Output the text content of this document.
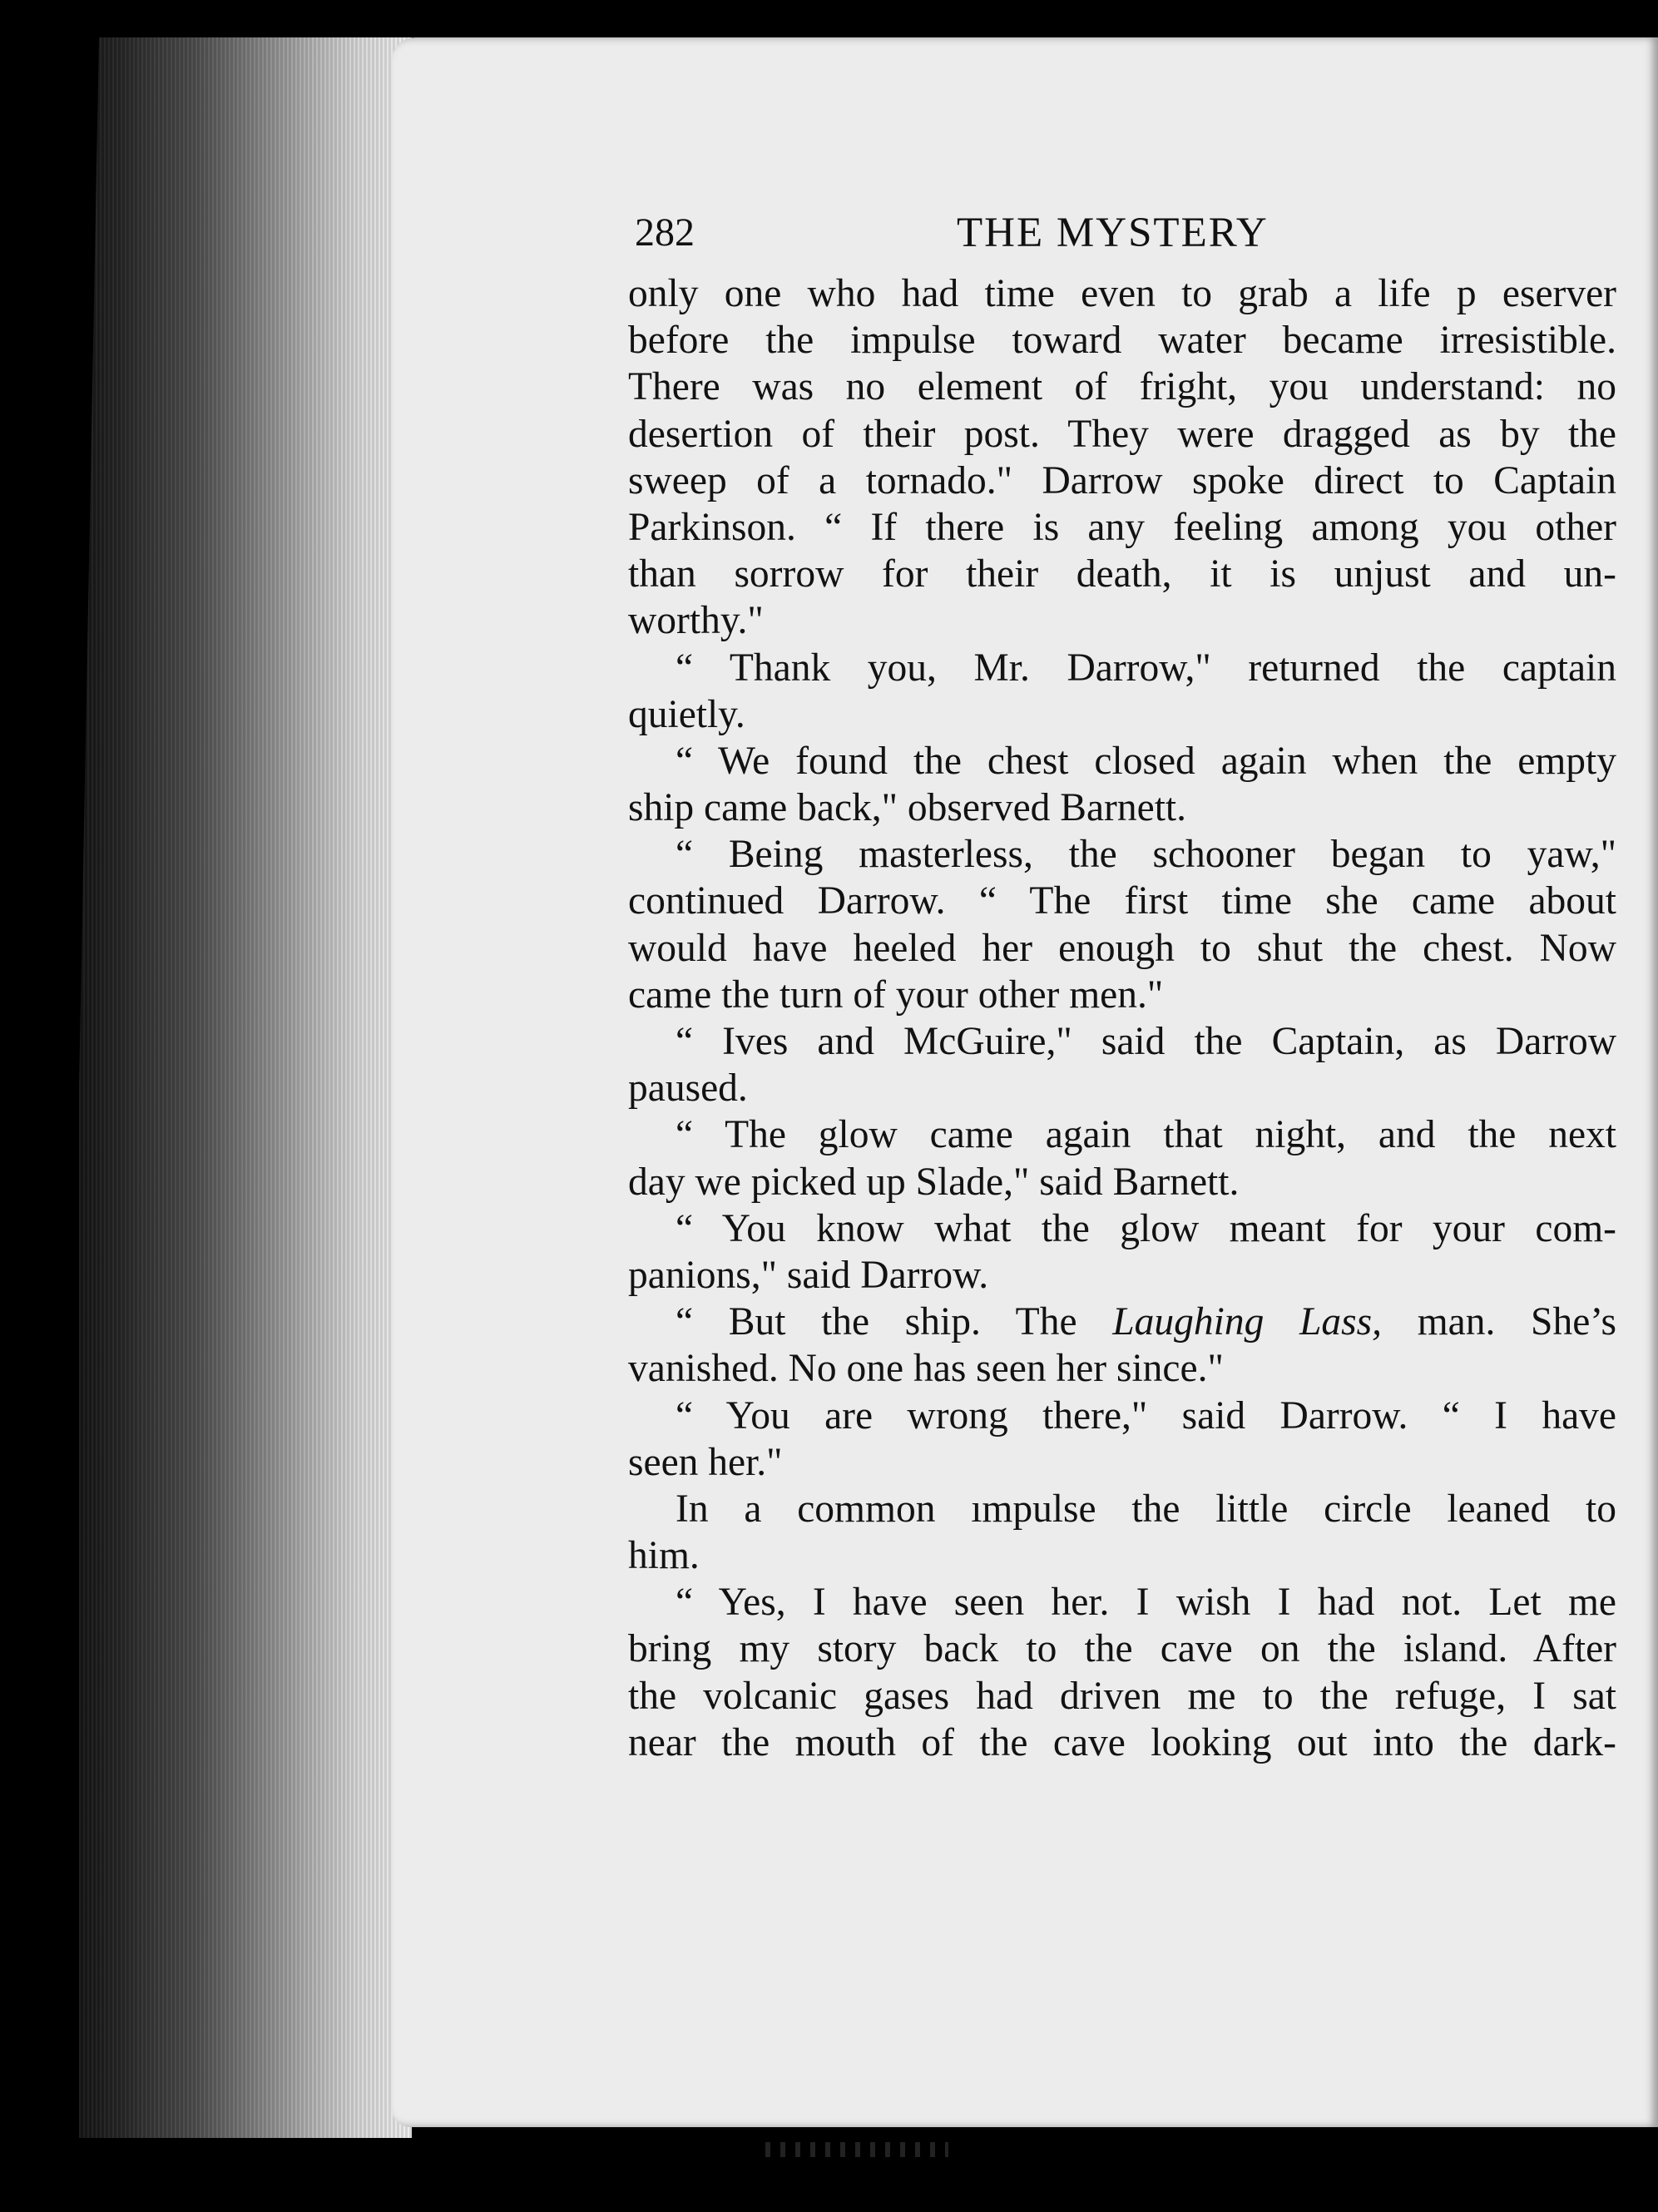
282	THE MYSTERY
only one who had time even to grab a life p eserver
before the impulse toward water became irresistible.
There was no element of fright, you understand: no
desertion of their post. They were dragged as by the
sweep of a tornado." Darrow spoke direct to Captain
Parkinson. “ If there is any feeling among you other
than sorrow for their death, it is unjust and un-
worthy."
“ Thank you, Mr. Darrow," returned the captain
quietly.
“ We found the chest closed again when the empty
ship came back," observed Barnett.
“ Being masterless, the schooner began to yaw,"
continued Darrow. “ The first time she came about
would have heeled her enough to shut the chest. Now
came the turn of your other men."
“ Ives and McGuire," said the Captain, as Darrow
paused.
“ The glow came again that night, and the next
day we picked up Slade," said Barnett.
“ You know what the glow meant for your com-
panions," said Darrow.
“ But the ship. The Laughing Lass, man. She’s
vanished. No one has seen her since."
“ You are wrong there," said Darrow. “ I have
seen her."
In a common ımpulse the little circle leaned to
him.
“ Yes, I have seen her. I wish I had not. Let me
bring my story back to the cave on the island. After
the volcanic gases had driven me to the refuge, I sat
near the mouth of the cave looking out into the dark-
